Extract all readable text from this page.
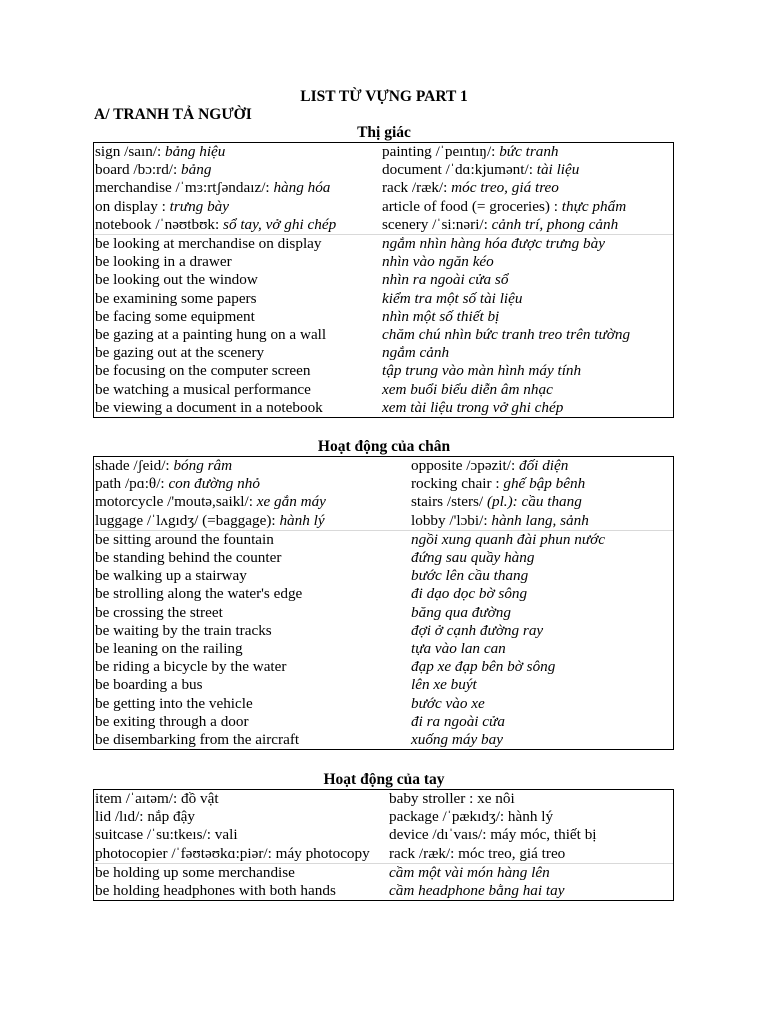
LIST TỪ VỰNG PART 1
A/ TRANH TẢ NGƯỜI
Thị giác
sign /saın/: bảng hiệu
board /bɔ:rd/: bảng
merchandise /ˈmɜ:rtʃəndaız/: hàng hóa
on display : trưng bày
notebook /ˈnəʊtbʊk: sổ tay, vở ghi chép
painting /ˈpeıntıŋ/: bức tranh
document /ˈdɑ:kjumənt/: tài liệu
rack /ræk/: móc treo, giá treo
article of food (= groceries) : thực phẩm
scenery /ˈsi:nəri/: cảnh trí, phong cảnh
be looking at merchandise on display
be looking in a drawer
be looking out the window
be examining some papers
be facing some equipment
be gazing at a painting hung on a wall
be gazing out at the scenery
be focusing on the computer screen
be watching a musical performance
be viewing a document in a notebook
ngắm nhìn hàng hóa được trưng bày
nhìn vào ngăn kéo
nhìn ra ngoài cửa sổ
kiểm tra một số tài liệu
nhìn một số thiết bị
chăm chú nhìn bức tranh treo trên tường
ngắm cảnh
tập trung vào màn hình máy tính
xem buổi biểu diễn âm nhạc
xem tài liệu trong vở ghi chép
Hoạt động của chân
shade /ʃeid/: bóng râm
path /pɑ:θ/: con đường nhỏ
motorcycle /'moutə,saikl/: xe gắn máy
luggage /ˈlʌgıdʒ/ (=baggage): hành lý
opposite /ɔpəzit/: đối diện
rocking chair : ghế bập bênh
stairs /sters/ (pl.): cầu thang
lobby /'lɔbi/: hành lang, sảnh
be sitting around the fountain
be standing behind the counter
be walking up a stairway
be strolling along the water's edge
be crossing the street
be waiting by the train tracks
be leaning on the railing
be riding a bicycle by the water
be boarding a bus
be getting into the vehicle
be exiting through a door
be disembarking from the aircraft
ngồi xung quanh đài phun nước
đứng sau quầy hàng
bước lên cầu thang
đi dạo dọc bờ sông
băng qua đường
đợi ở cạnh đường ray
tựa vào lan can
đạp xe đạp bên bờ sông
lên xe buýt
bước vào xe
đi ra ngoài cửa
xuống máy bay
Hoạt động của tay
item /ˈaıtəm/: đồ vật
lid /lıd/: nắp đậy
suitcase /ˈsu:tkeıs/: vali
photocopier /ˈfəʊtəʊkɑ:piər/: máy photocopy
baby stroller : xe nôi
package /ˈpækıdʒ/: hành lý
device /dıˈvaıs/: máy móc, thiết bị
rack /ræk/: móc treo, giá treo
be holding up some merchandise
be holding headphones with both hands
cầm một vài món hàng lên
cầm headphone bằng hai tay
